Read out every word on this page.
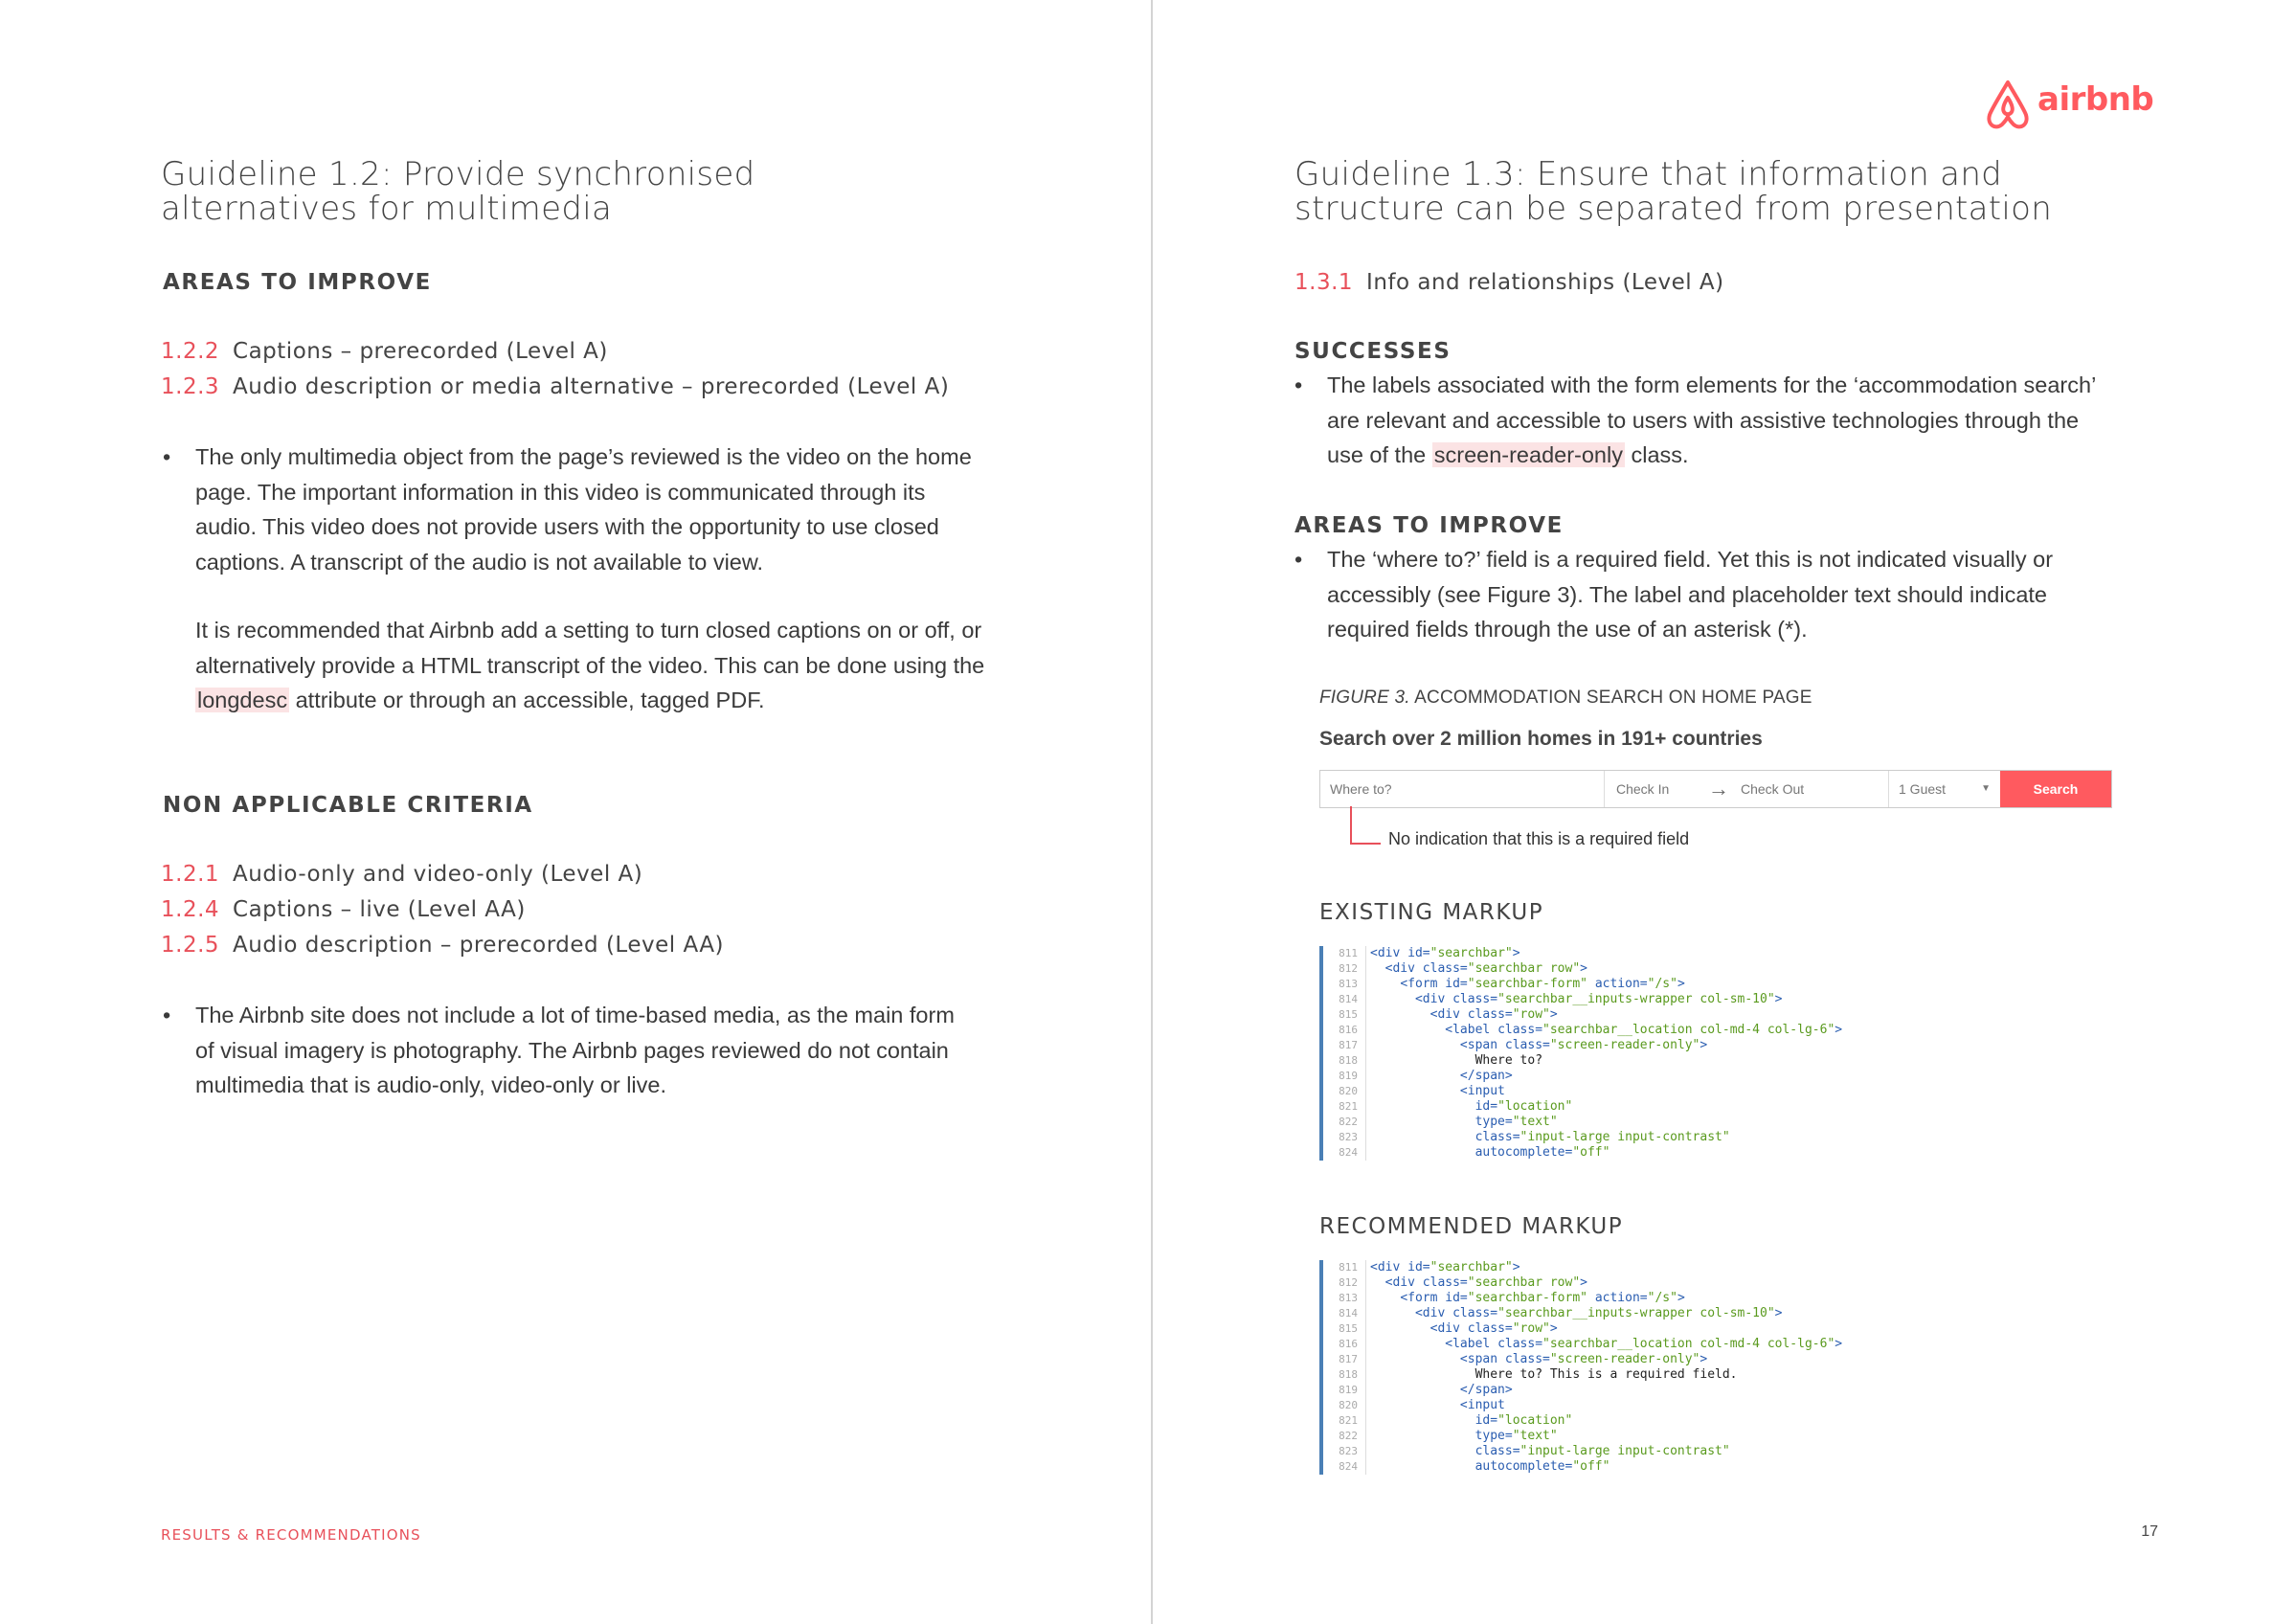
Guideline 1.2: Provide synchronised
alternatives for multimedia
AREAS TO IMPROVE
1.2.2 Captions – prerecorded (Level A)
1.2.3 Audio description or media alternative – prerecorded (Level A)
• The only multimedia object from the page’s reviewed is the video on the home
page. The important information in this video is communicated through its
audio. This video does not provide users with the opportunity to use closed
captions. A transcript of the audio is not available to view.
It is recommended that Airbnb add a setting to turn closed captions on or off, or
alternatively provide a HTML transcript of the video. This can be done using the
longdesc attribute or through an accessible, tagged PDF.
NON APPLICABLE CRITERIA
1.2.1 Audio-only and video-only (Level A)
1.2.4 Captions – live (Level AA)
1.2.5 Audio description – prerecorded (Level AA)
• The Airbnb site does not include a lot of time-based media, as the main form
of visual imagery is photography. The Airbnb pages reviewed do not contain
multimedia that is audio-only, video-only or live.
RESULTS & RECOMMENDATIONS
airbnb
Guideline 1.3: Ensure that information and
structure can be separated from presentation
1.3.1 Info and relationships (Level A)
SUCCESSES
• The labels associated with the form elements for the ‘accommodation search’
are relevant and accessible to users with assistive technologies through the
use of the screen-reader-only class.
AREAS TO IMPROVE
• The ‘where to?’ field is a required field. Yet this is not indicated visually or
accessibly (see Figure 3). The label and placeholder text should indicate
required fields through the use of an asterisk (*).
FIGURE 3. ACCOMMODATION SEARCH ON HOME PAGE
Search over 2 million homes in 191+ countries
Where to?	Check In	→ Check Out	1 Guest	▼	Search
No indication that this is a required field
EXISTING MARKUP
811	<div id="searchbar">
812	<div class="searchbar row">
813	<form id="searchbar-form" action="/s">
814	<div class="searchbar__inputs-wrapper col-sm-10">
815	<div class="row">
816	<label class="searchbar__location col-md-4 col-lg-6">
817	<span class="screen-reader-only">
818	Where to?
819	</span>
820	<input
821	id="location"
822	type="text"
823	class="input-large input-contrast"
824	autocomplete="off"
RECOMMENDED MARKUP
811	<div id="searchbar">
812	<div class="searchbar row">
813	<form id="searchbar-form" action="/s">
814	<div class="searchbar__inputs-wrapper col-sm-10">
815	<div class="row">
816	<label class="searchbar__location col-md-4 col-lg-6">
817	<span class="screen-reader-only">
818	Where to? This is a required field.
819	</span>
820	<input
821	id="location"
822	type="text"
823	class="input-large input-contrast"
824	autocomplete="off"
17
